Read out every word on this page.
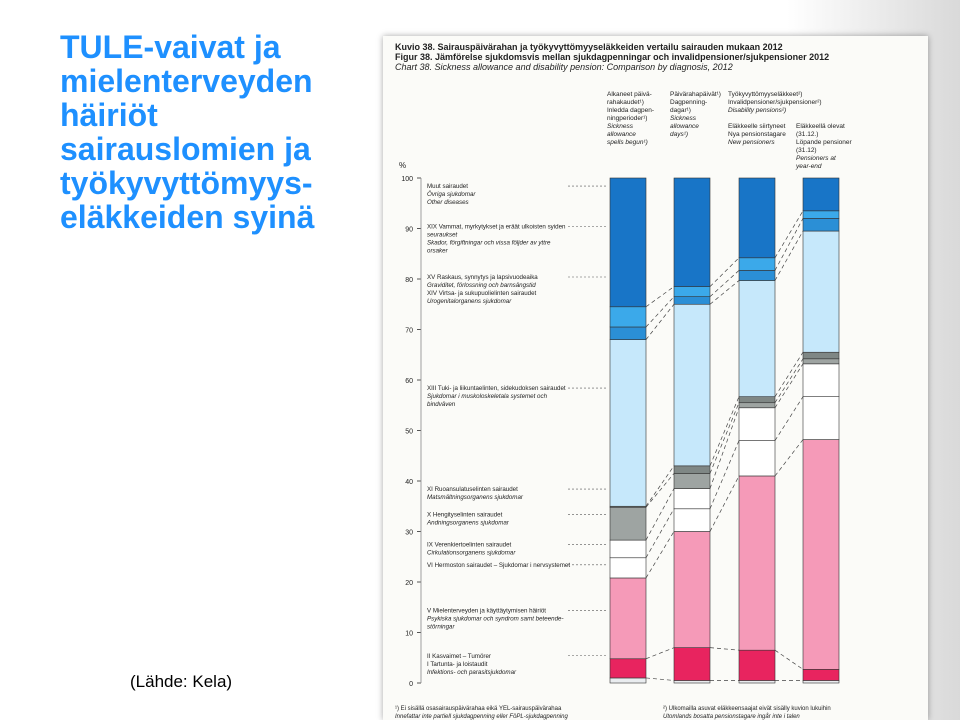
TULE-vaivat ja
mielenterveyden
häiriöt
sairauslomien ja
työkyvyttömyys-
eläkkeiden syinä
(Lähde: Kela)
Kuvio 38. Sairauspäivärahan ja työkyvyttömyyseläkkeiden vertailu sairauden mukaan 2012
Figur 38. Jämförelse sjukdomsvis mellan sjukdagpenningar och invalidpensioner/sjukpensioner 2012
Chart 38. Sickness allowance and disability pension: Comparison by diagnosis, 2012
%
0
10
20
30
40
50
60
70
80
90
100
Työkyvyttömyyseläkkeet²)
Invalidpensioner/sjukpensioner²)
Disability pensions²)
Alkaneet päivä-
rahakaudet¹)
Inledda dagpen-
ningperioder¹)
Sickness
allowance
spells begun¹)
Päivärahapäivät¹)
Dagpenning-
dagar¹)
Sickness
allowance
days¹)
Eläkkeelle siirtyneet
Nya pensionstagare
New pensioners
Eläkkeellä olevat
(31.12.)
Löpande pensioner
(31.12)
Pensioners at
year-end
Muut sairaudet
Övriga sjukdomar
Other diseases
XIX Vammat, myrkytykset ja eräät ulkoisten syiden
seuraukset
Skador, förgiftningar och vissa följder av yttre
orsaker
XV Raskaus, synnytys ja lapsivuodeaika
Graviditet, förlossning och barnsängstid
XIV Virtsa- ja sukupuolielinten sairaudet
Urogenitalorganens sjukdomar
XIII Tuki- ja liikuntaelinten, sidekudoksen sairaudet
Sjukdomar i muskoloskeletala systemet och
bindväven
XI Ruoansulatuselinten sairaudet
Matsmältningsorganens sjukdomar
X Hengityselinten sairaudet
Andningsorganens sjukdomar
IX Verenkiertoelinten sairaudet
Cirkulationsorganens sjukdomar
VI Hermoston sairaudet – Sjukdomar i nervsystemet
V Mielenterveyden ja käyttäytymisen häiriöt
Psykiska sjukdomar och syndrom samt beteende-
störningar
II Kasvaimet – Tumörer
I Tartunta- ja loistaudit
Infektions- och parasitsjukdomar
¹) Ei sisällä osasairauspäivärahaa eikä YEL-sairauspäivärahaa
Innefattar inte partiell sjukdagpenning eller FöPL-sjukdagpenning
²) Ulkomailla asuvat eläkkeensaajat eivät sisälly kuvion lukuihin
Utomlands bosatta pensionstagare ingår inte i talen
